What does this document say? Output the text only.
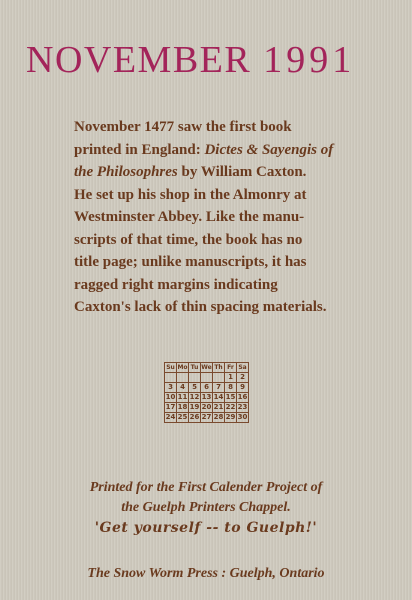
NOVEMBER 1991

November 1477 saw the first book

printed in England: Dictes & Sayengis of

the Philosophres by William Caxton.

He set up his shop in the Almonry at

Westminster Abbey. Like the manu-

scripts of that time, the book has no

title page; unlike manuscripts, it has

ragged right margins indicating

Caxton's lack of thin spacing materials.

Su	Mo	Tu	We	Th	Fr	Sa
					1	2
3	4	5	6	7	8	9
10	11	12	13	14	15	16
17	18	19	20	21	22	23
24	25	26	27	28	29	30
Printed for the First Calender Project of
the Guelph Printers Chappel.
'Get yourself -- to Guelph!'
The Snow Worm Press : Guelph, Ontario
